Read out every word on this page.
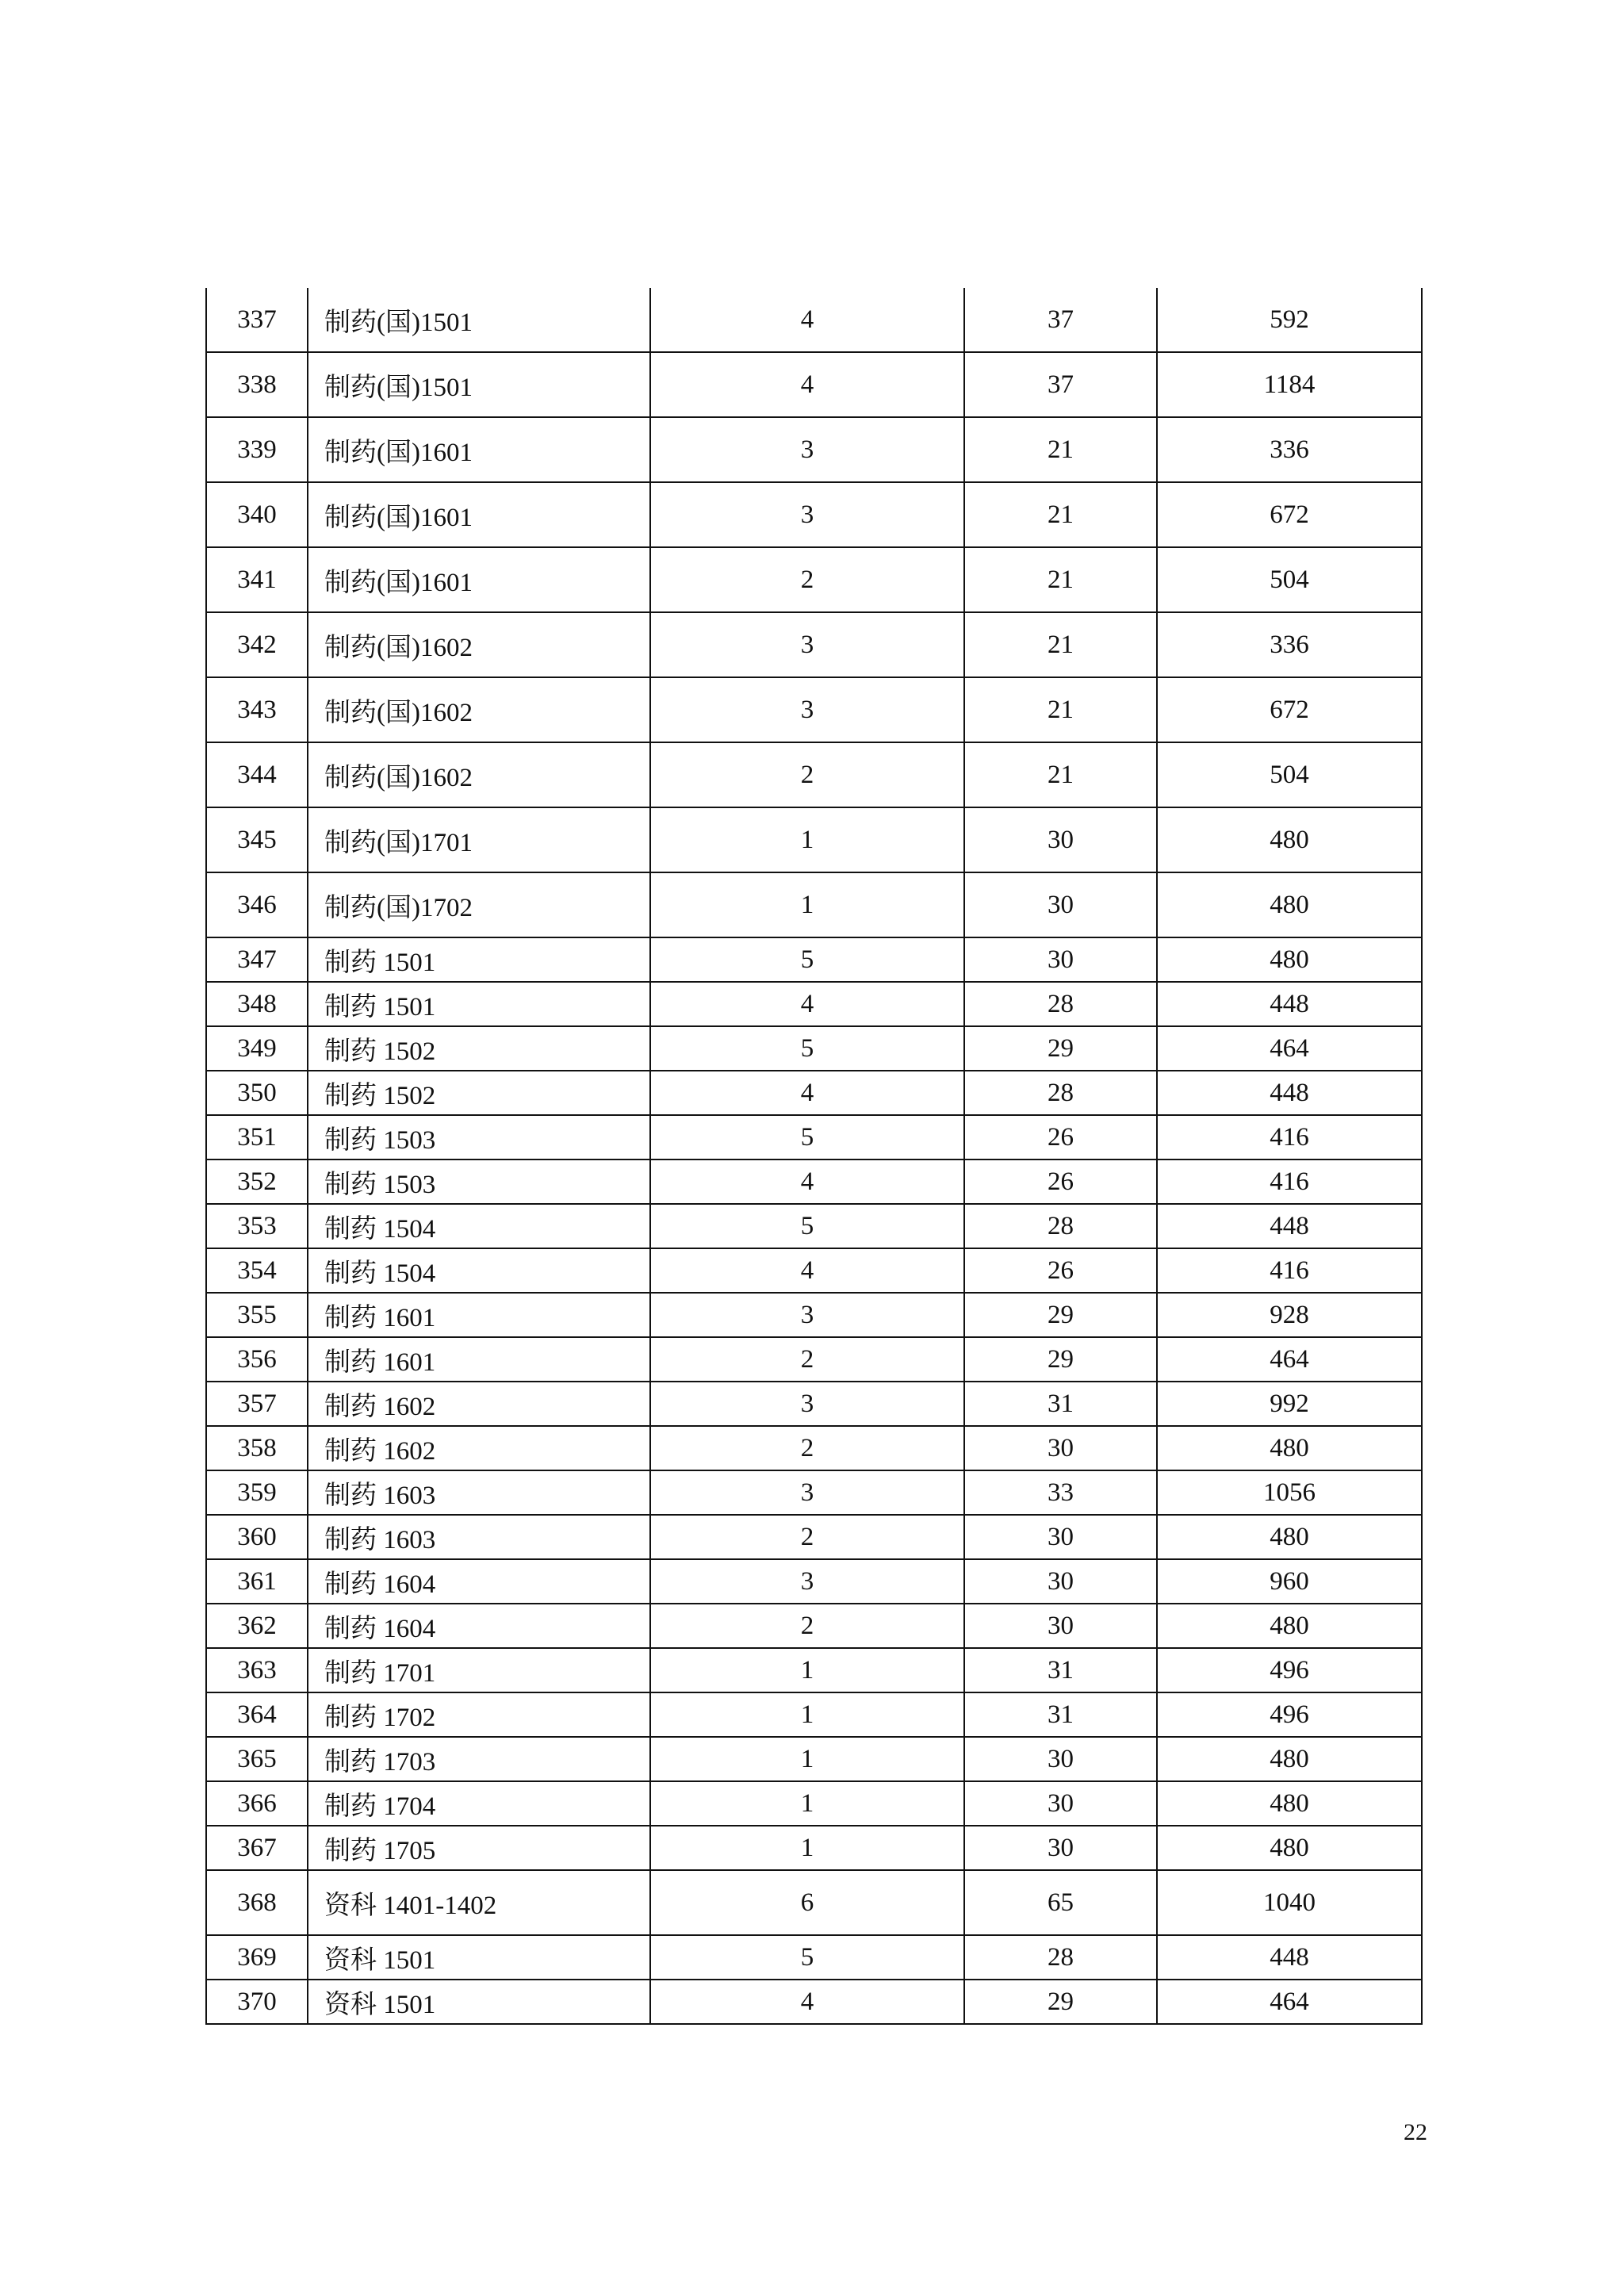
337	制药(国)1501	4	37	592
338	制药(国)1501	4	37	1184
339	制药(国)1601	3	21	336
340	制药(国)1601	3	21	672
341	制药(国)1601	2	21	504
342	制药(国)1602	3	21	336
343	制药(国)1602	3	21	672
344	制药(国)1602	2	21	504
345	制药(国)1701	1	30	480
346	制药(国)1702	1	30	480
347	制药 1501	5	30	480
348	制药 1501	4	28	448
349	制药 1502	5	29	464
350	制药 1502	4	28	448
351	制药 1503	5	26	416
352	制药 1503	4	26	416
353	制药 1504	5	28	448
354	制药 1504	4	26	416
355	制药 1601	3	29	928
356	制药 1601	2	29	464
357	制药 1602	3	31	992
358	制药 1602	2	30	480
359	制药 1603	3	33	1056
360	制药 1603	2	30	480
361	制药 1604	3	30	960
362	制药 1604	2	30	480
363	制药 1701	1	31	496
364	制药 1702	1	31	496
365	制药 1703	1	30	480
366	制药 1704	1	30	480
367	制药 1705	1	30	480
368	资科 1401-1402	6	65	1040
369	资科 1501	5	28	448
370	资科 1501	4	29	464
22
